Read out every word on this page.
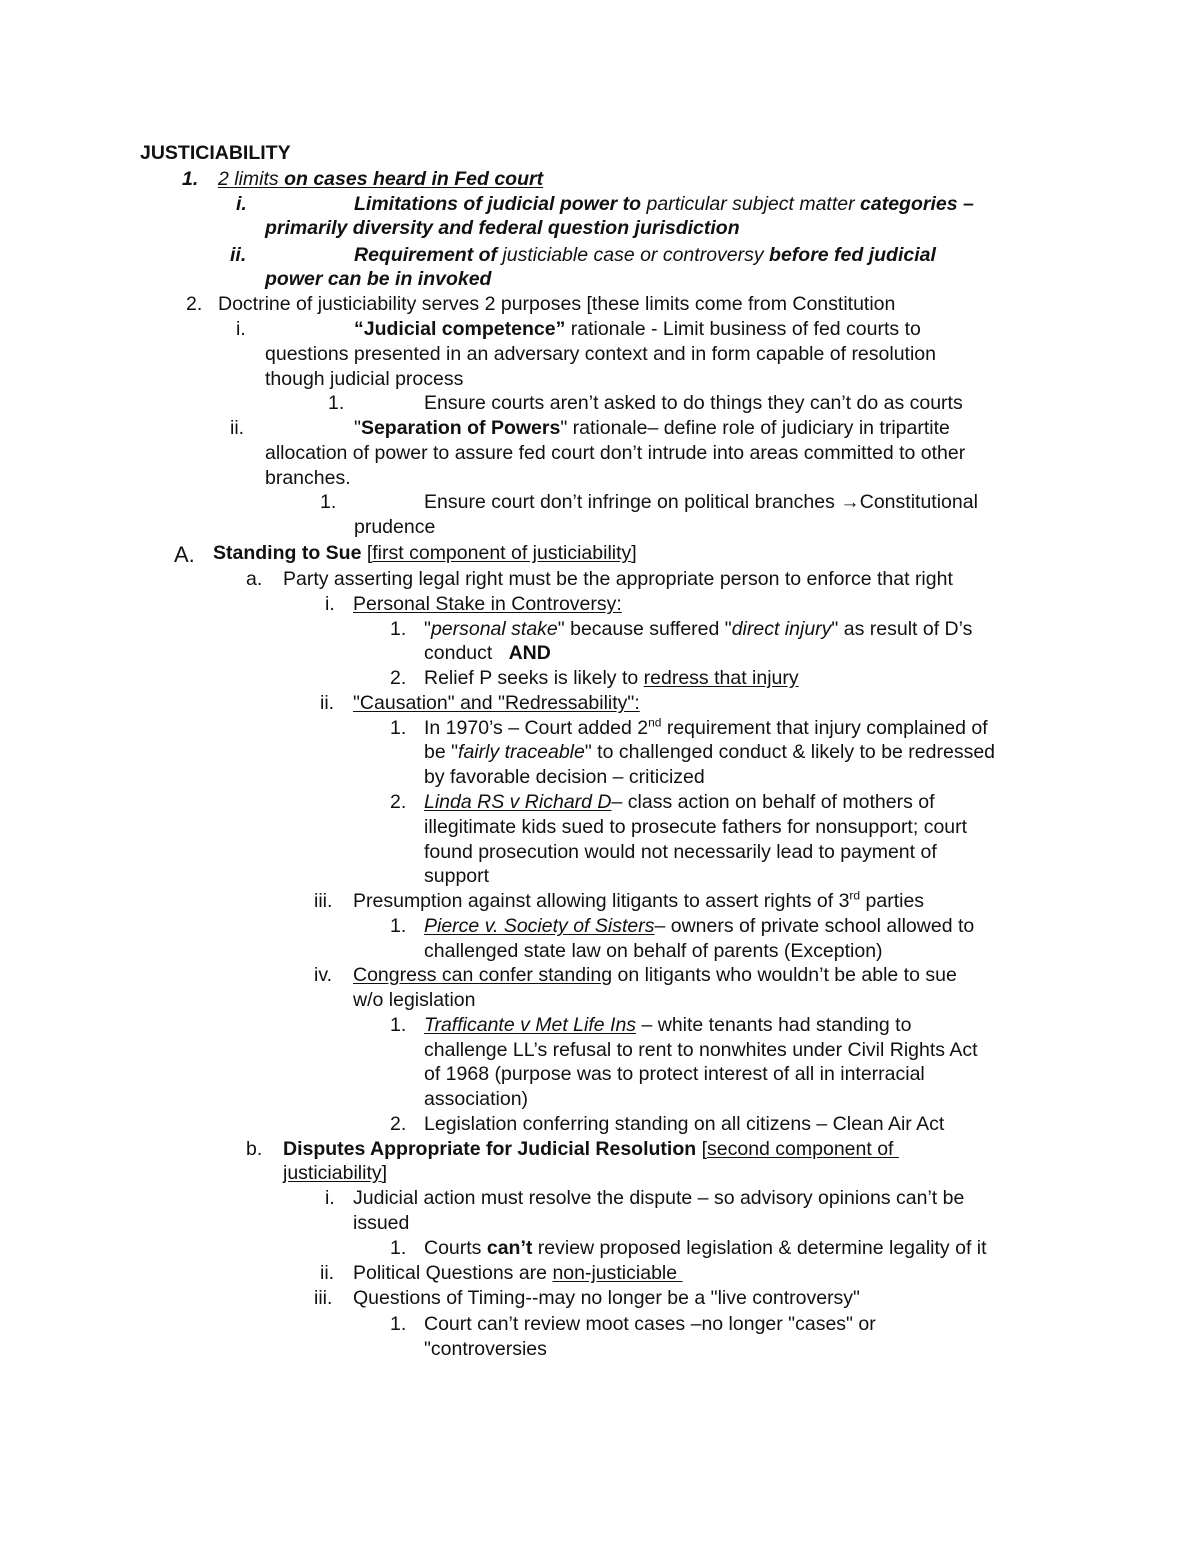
JUSTICIABILITY
1. 2 limits on cases heard in Fed court
i.	Limitations of judicial power to particular subject matter categories –
primarily diversity and federal question jurisdiction
ii.	Requirement of justiciable case or controversy before fed judicial
power can be in invoked
2. Doctrine of justiciability serves 2 purposes [these limits come from Constitution
i.	“Judicial competence” rationale - Limit business of fed courts to
questions presented in an adversary context and in form capable of resolution
though judicial process
1.	Ensure courts aren’t asked to do things they can’t do as courts
ii.	"Separation of Powers" rationale– define role of judiciary in tripartite
allocation of power to assure fed court don’t intrude into areas committed to other
branches.
1.	Ensure court don’t infringe on political branches →Constitutional
prudence
A. Standing to Sue [first component of justiciability]
a. Party asserting legal right must be the appropriate person to enforce that right
i. Personal Stake in Controversy:
1. "personal stake" because suffered "direct injury" as result of D’s
conduct   AND
2. Relief P seeks is likely to redress that injury
ii. "Causation" and "Redressability":
1. In 1970’s – Court added 2nd requirement that injury complained of
be "fairly traceable" to challenged conduct & likely to be redressed
by favorable decision – criticized
2. Linda RS v Richard D– class action on behalf of mothers of
illegitimate kids sued to prosecute fathers for nonsupport; court
found prosecution would not necessarily lead to payment of
support
iii. Presumption against allowing litigants to assert rights of 3rd parties
1. Pierce v. Society of Sisters– owners of private school allowed to
challenged state law on behalf of parents (Exception)
iv. Congress can confer standing on litigants who wouldn’t be able to sue
w/o legislation
1. Trafficante v Met Life Ins – white tenants had standing to
challenge LL’s refusal to rent to nonwhites under Civil Rights Act
of 1968 (purpose was to protect interest of all in interracial
association)
2. Legislation conferring standing on all citizens – Clean Air Act
b. Disputes Appropriate for Judicial Resolution [second component of
justiciability]
i. Judicial action must resolve the dispute – so advisory opinions can’t be
issued
1. Courts can’t review proposed legislation & determine legality of it
ii. Political Questions are non-justiciable
iii. Questions of Timing--may no longer be a "live controversy"
1. Court can’t review moot cases –no longer "cases" or
"controversies
